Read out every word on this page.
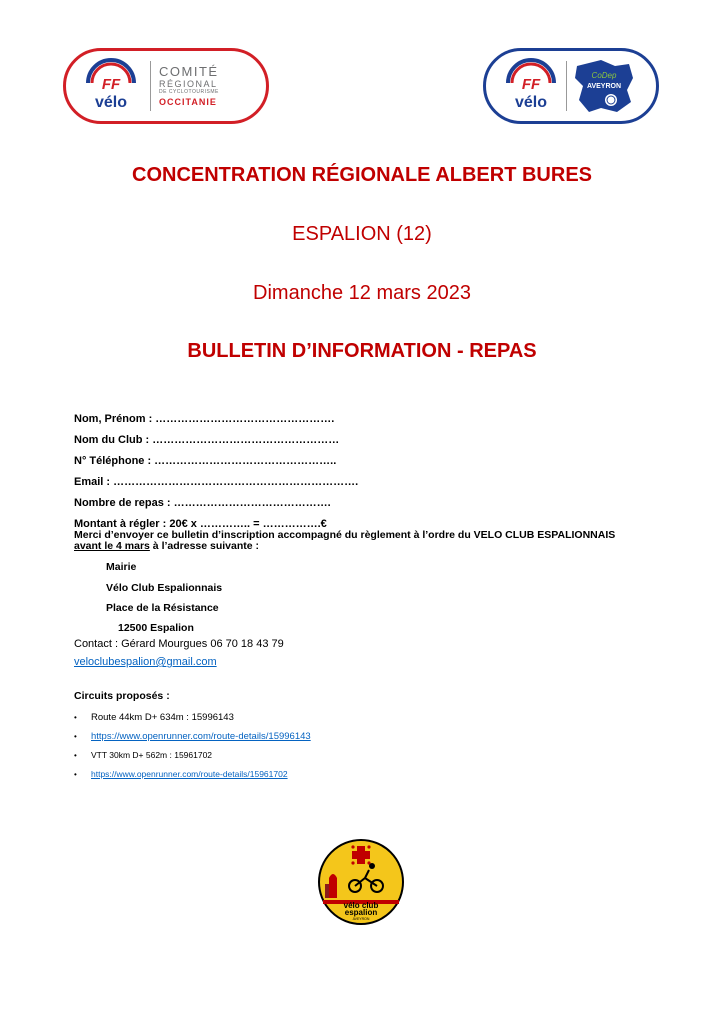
FF
vélo
COMITÉ
RÉGIONAL
DE CYCLOTOURISME
OCCITANIE
FF
vélo
CoDep
AVEYRON
CONCENTRATION RÉGIONALE ALBERT BURES
ESPALION (12)
Dimanche 12 mars 2023
BULLETIN D’INFORMATION - REPAS
Nom, Prénom : ………………………………………….
Nom du Club : ……………………………………………
N° Téléphone : …………………………………………..
Email : ………………………………………………………….
Nombre de repas : …………………………………….
Montant à régler : 20€ x ………….. = …………….€
Merci d’envoyer ce bulletin d’inscription accompagné du règlement à l’ordre du VELO CLUB ESPALIONNAIS
avant le 4 mars à l’adresse suivante :
Mairie
Vélo Club Espalionnais
Place de la Résistance
12500 Espalion
Contact : Gérard Mourgues 06 70 18 43 79
veloclubespalion@gmail.com
Circuits proposés :
• Route 44km D+ 634m : 15996143
• https://www.openrunner.com/route-details/15996143
• VTT 30km D+ 562m : 15961702
• https://www.openrunner.com/route-details/15961702
vélo club
espalion
AVEYRON
